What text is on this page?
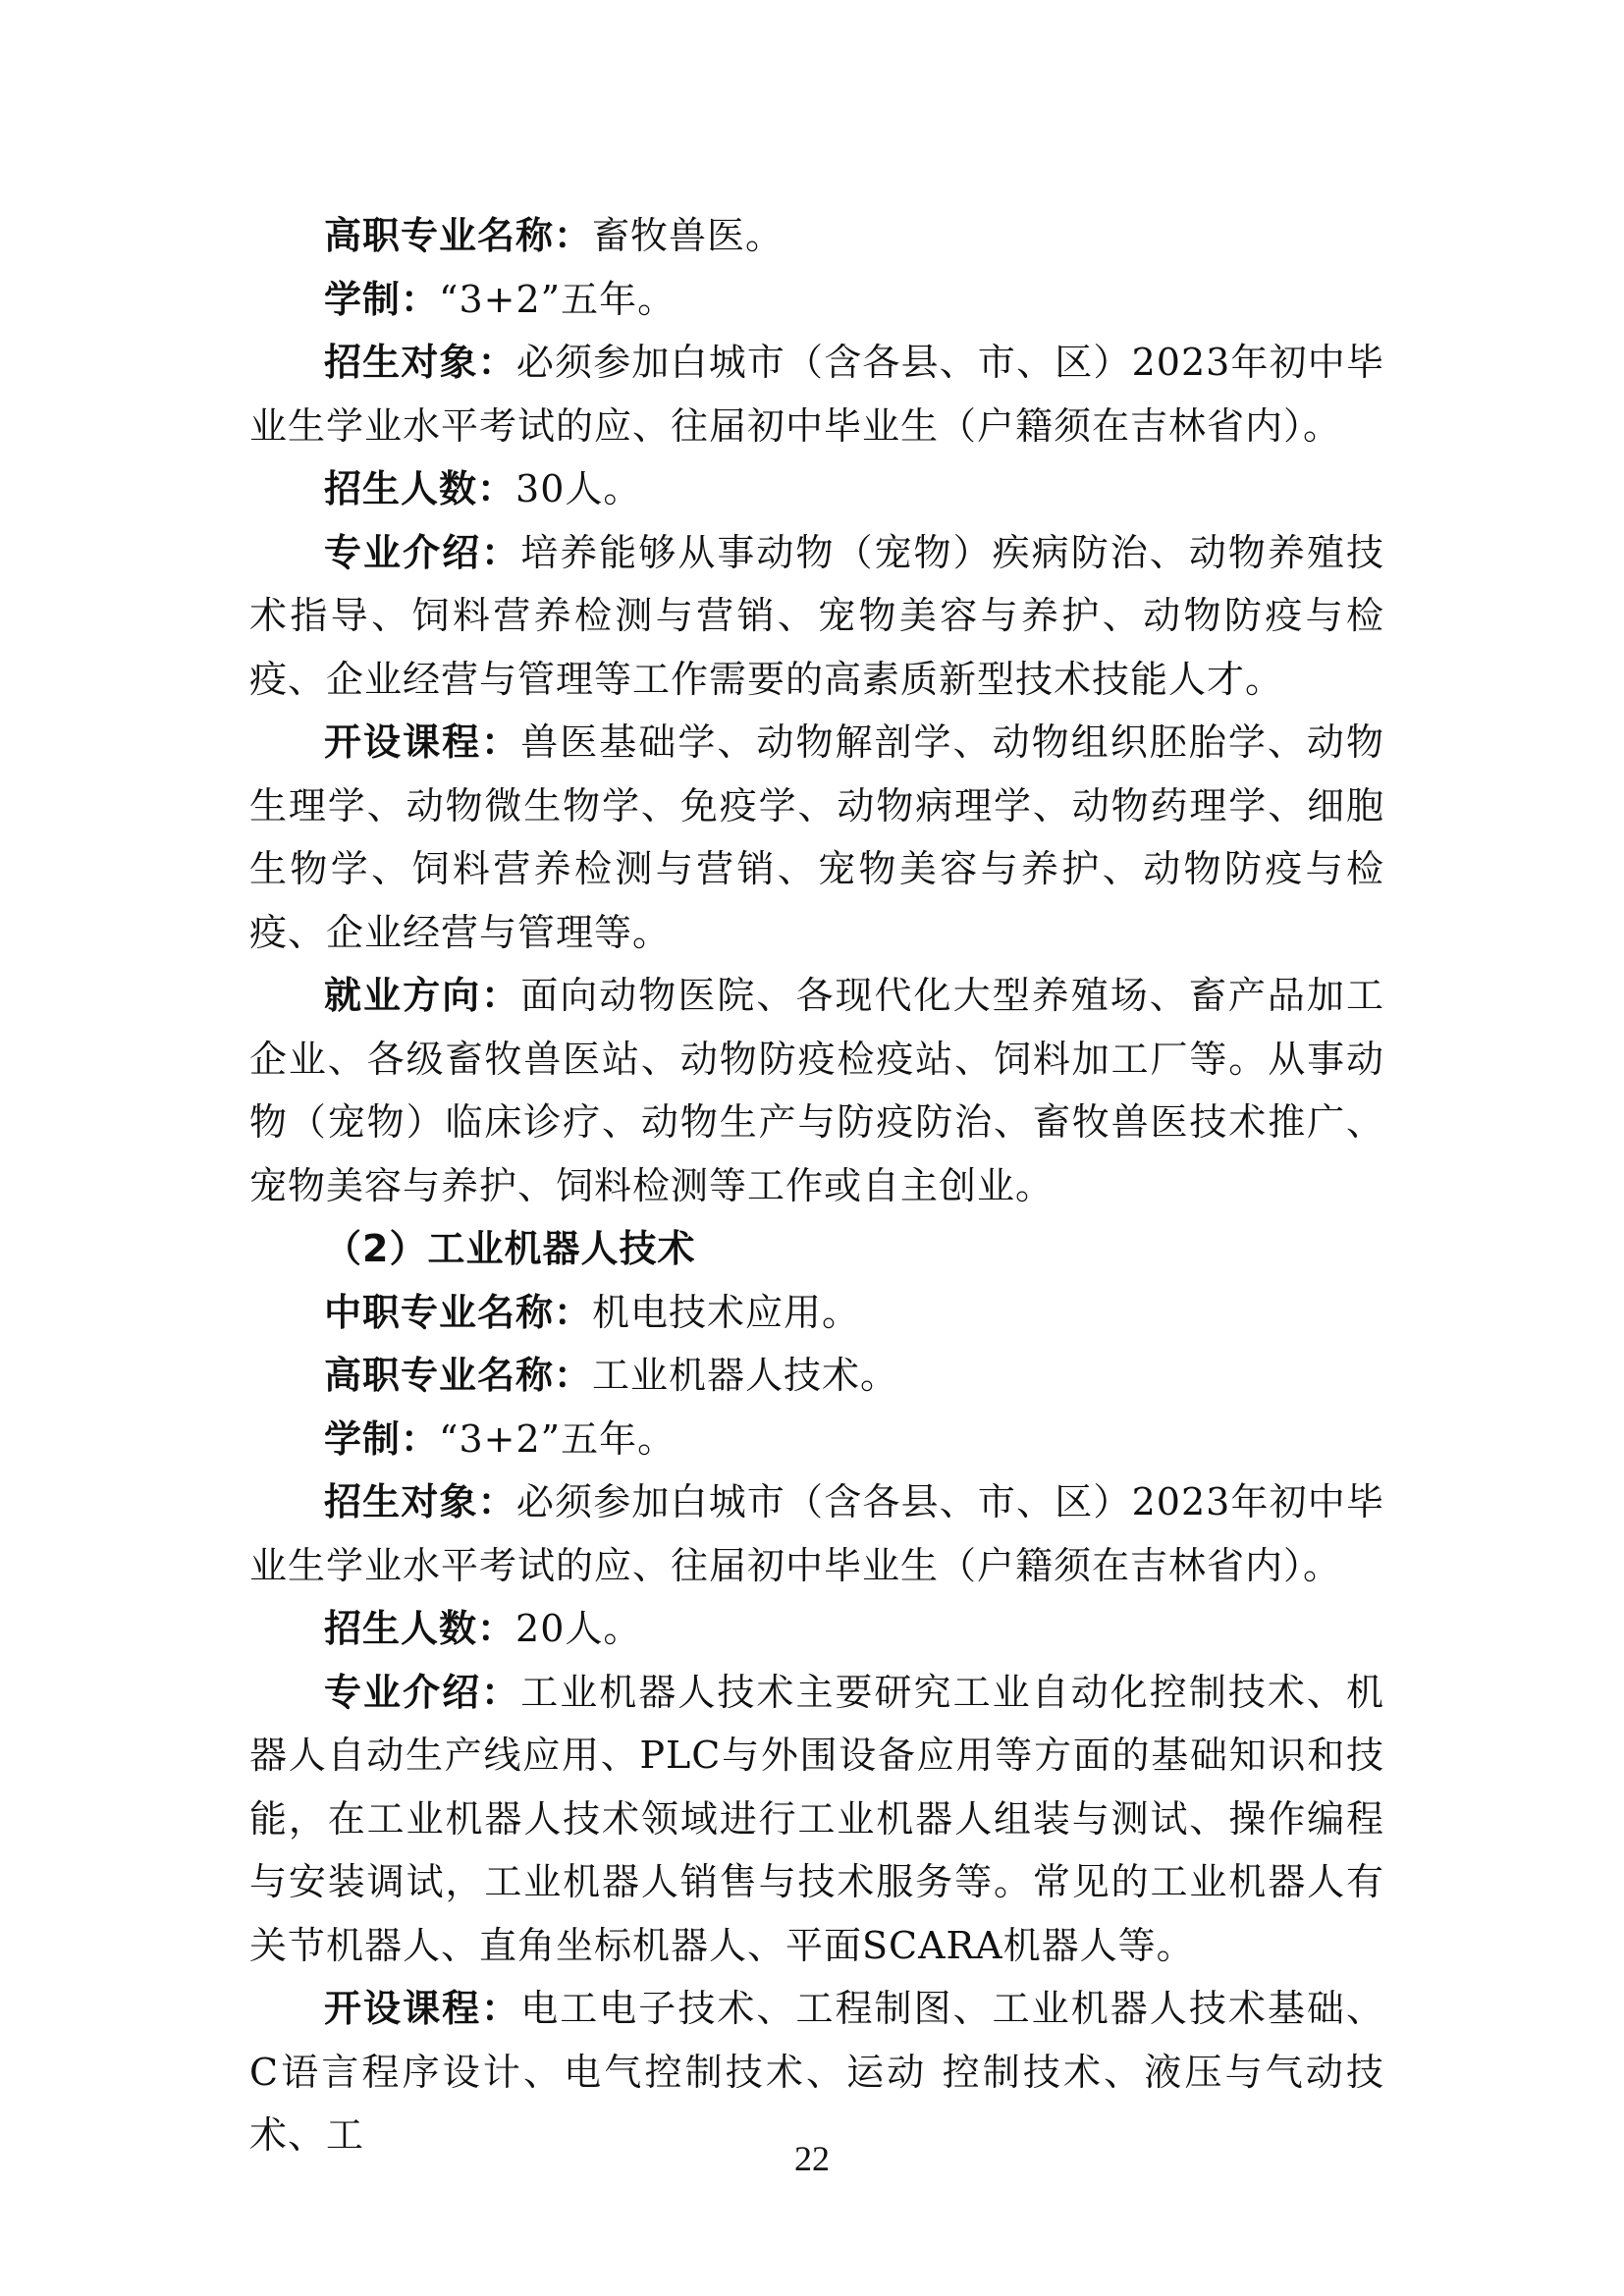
高职专业名称：畜牧兽医。

学制：“3+2”五年。

招生对象：必须参加白城市（含各县、市、区）2023年初中毕业生学业水平考试的应、往届初中毕业生（户籍须在吉林省内）。

招生人数：30人。

专业介绍：培养能够从事动物（宠物）疾病防治、动物养殖技术指导、饲料营养检测与营销、宠物美容与养护、动物防疫与检疫、企业经营与管理等工作需要的高素质新型技术技能人才。

开设课程：兽医基础学、动物解剖学、动物组织胚胎学、动物生理学、动物微生物学、免疫学、动物病理学、动物药理学、细胞生物学、饲料营养检测与营销、宠物美容与养护、动物防疫与检疫、企业经营与管理等。

就业方向：面向动物医院、各现代化大型养殖场、畜产品加工企业、各级畜牧兽医站、动物防疫检疫站、饲料加工厂等。从事动物（宠物）临床诊疗、动物生产与防疫防治、畜牧兽医技术推广、宠物美容与养护、饲料检测等工作或自主创业。

（2）工业机器人技术

中职专业名称：机电技术应用。

高职专业名称：工业机器人技术。

学制：“3+2”五年。

招生对象：必须参加白城市（含各县、市、区）2023年初中毕业生学业水平考试的应、往届初中毕业生（户籍须在吉林省内）。

招生人数：20人。

专业介绍：工业机器人技术主要研究工业自动化控制技术、机器人自动生产线应用、PLC与外围设备应用等方面的基础知识和技能，在工业机器人技术领域进行工业机器人组装与测试、操作编程与安装调试，工业机器人销售与技术服务等。常见的工业机器人有关节机器人、直角坐标机器人、平面SCARA机器人等。

开设课程：电工电子技术、工程制图、工业机器人技术基础、C语言程序设计、电气控制技术、运动 控制技术、液压与气动技术、工

22
